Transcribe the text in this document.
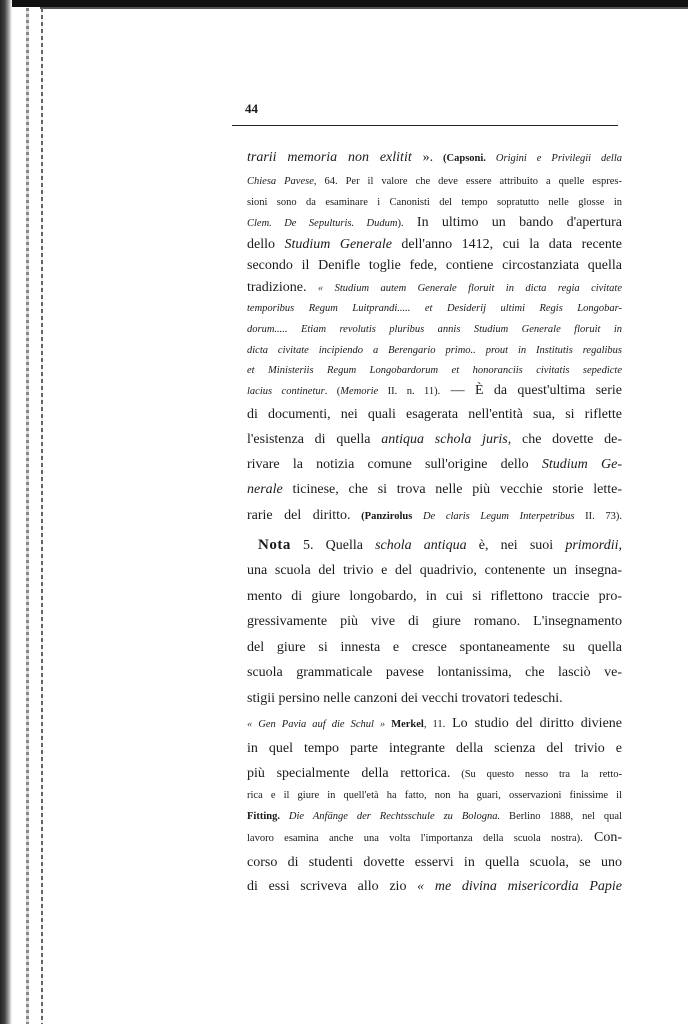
44
trarii memoria non exlitit ». (Capsoni. Origini e Privilegii della
Chiesa Pavese, 64. Per il valore che deve essere attribuito a quelle espres-
sioni sono da esaminare i Canonisti del tempo sopratutto nelle glosse in
Clem. De Sepulturis. Dudum). In ultimo un bando d'apertura
dello Studium Generale dell'anno 1412, cui la data recente
secondo il Denifle toglie fede, contiene circostanziata quella
tradizione. « Studium autem Generale floruit in dicta regia civitate
temporibus Regum Luitprandi..... et Desiderij ultimi Regis Longobar-
dorum..... Etiam revolutis pluribus annis Studium Generale floruit in
dicta civitate incipiendo a Berengario primo.. prout in Institutis regalibus
et Ministeriis Regum Longobardorum et honoranciis civitatis sepedicte
lacius continetur. (Memorie II. n. 11). — È da quest'ultima serie
di documenti, nei quali esagerata nell'entità sua, si riflette
l'esistenza di quella antiqua schola juris, che dovette de-
rivare la notizia comune sull'origine dello Studium Ge-
nerale ticinese, che si trova nelle più vecchie storie lette-
rarie del diritto. (Panzirolus De claris Legum Interpetribus II. 73).
Nota 5. Quella schola antiqua è, nei suoi primordii,
una scuola del trivio e del quadrivio, contenente un insegna-
mento di giure longobardo, in cui si riflettono traccie pro-
gressivamente più vive di giure romano. L'insegnamento
del giure si innesta e cresce spontaneamente su quella
scuola grammaticale pavese lontanissima, che lasciò ve-
stigii persino nelle canzoni dei vecchi trovatori tedeschi.
« Gen Pavia auf die Schul » Merkel, 11. Lo studio del diritto diviene
in quel tempo parte integrante della scienza del trivio e
più specialmente della rettorica. (Su questo nesso tra la retto-
rica e il giure in quell'età ha fatto, non ha guari, osservazioni finissime il
Fitting. Die Anfänge der Rechtsschule zu Bologna. Berlino 1888, nel qual
lavoro esamina anche una volta l'importanza della scuola nostra). Con-
corso di studenti dovette esservi in quella scuola, se uno
di essi scriveva allo zio « me divina misericordia Papie
